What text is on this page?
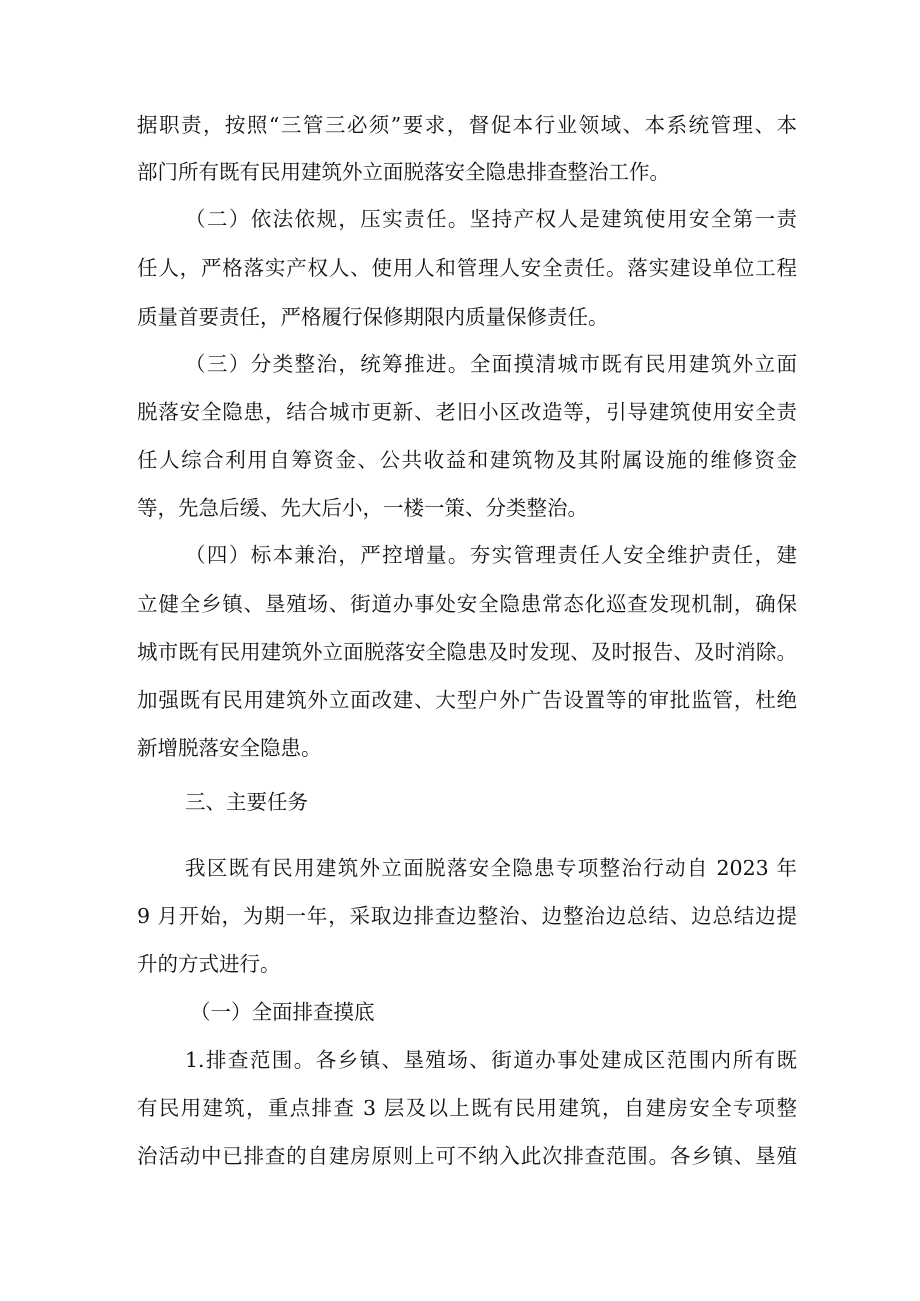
据职责，按照“三管三必须”要求，督促本行业领域、本系统管理、本
部门所有既有民用建筑外立面脱落安全隐患排查整治工作。
（二）依法依规，压实责任。坚持产权人是建筑使用安全第一责
任人，严格落实产权人、使用人和管理人安全责任。落实建设单位工程
质量首要责任，严格履行保修期限内质量保修责任。
（三）分类整治，统筹推进。全面摸清城市既有民用建筑外立面
脱落安全隐患，结合城市更新、老旧小区改造等，引导建筑使用安全责
任人综合利用自筹资金、公共收益和建筑物及其附属设施的维修资金
等，先急后缓、先大后小，一楼一策、分类整治。
（四）标本兼治，严控增量。夯实管理责任人安全维护责任，建
立健全乡镇、垦殖场、街道办事处安全隐患常态化巡查发现机制，确保
城市既有民用建筑外立面脱落安全隐患及时发现、及时报告、及时消除。
加强既有民用建筑外立面改建、大型户外广告设置等的审批监管，杜绝
新增脱落安全隐患。
三、主要任务
我区既有民用建筑外立面脱落安全隐患专项整治行动自 2023 年
9 月开始，为期一年，采取边排查边整治、边整治边总结、边总结边提
升的方式进行。
（一）全面排查摸底
1.排查范围。各乡镇、垦殖场、街道办事处建成区范围内所有既
有民用建筑，重点排查 3 层及以上既有民用建筑，自建房安全专项整
治活动中已排查的自建房原则上可不纳入此次排查范围。各乡镇、垦殖
